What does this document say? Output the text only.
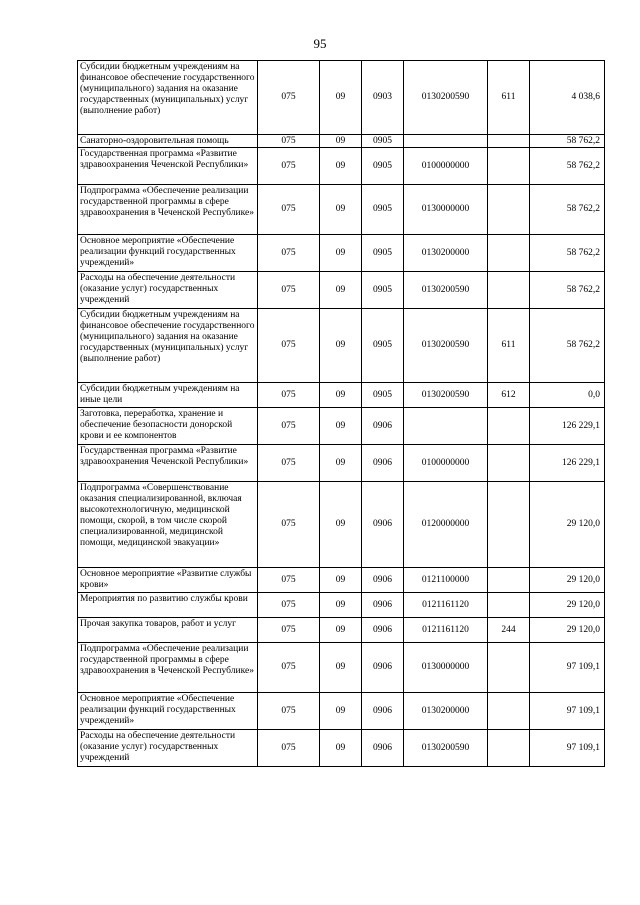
95
Субсидии бюджетным учреждениям на финансовое обеспечение государственного (муниципального) задания на оказание государственных (муниципальных) услуг (выполнение работ)	075	09	0903	0130200590	611	4 038,6
Санаторно-оздоровительная помощь	075	09	0905			58 762,2
Государственная программа «Развитие здравоохранения Чеченской Республики»	075	09	0905	0100000000		58 762,2
Подпрограмма «Обеспечение реализации государственной программы в сфере здравоохранения в Чеченской Республике»	075	09	0905	0130000000		58 762,2
Основное мероприятие «Обеспечение реализации функций государственных учреждений»	075	09	0905	0130200000		58 762,2
Расходы на обеспечение деятельности (оказание услуг) государственных учреждений	075	09	0905	0130200590		58 762,2
Субсидии бюджетным учреждениям на финансовое обеспечение государственного (муниципального) задания на оказание государственных (муниципальных) услуг (выполнение работ)	075	09	0905	0130200590	611	58 762,2
Субсидии бюджетным учреждениям на иные цели	075	09	0905	0130200590	612	0,0
Заготовка, переработка, хранение и обеспечение безопасности донорской крови и ее компонентов	075	09	0906			126 229,1
Государственная программа «Развитие здравоохранения Чеченской Республики»	075	09	0906	0100000000		126 229,1
Подпрограмма «Совершенствование оказания специализированной, включая высокотехнологичную, медицинской помощи, скорой, в том числе скорой специализированной, медицинской помощи, медицинской эвакуации»	075	09	0906	0120000000		29 120,0
Основное мероприятие «Развитие службы крови»	075	09	0906	0121100000		29 120,0
Мероприятия по развитию службы крови	075	09	0906	0121161120		29 120,0
Прочая закупка товаров, работ и услуг	075	09	0906	0121161120	244	29 120,0
Подпрограмма «Обеспечение реализации государственной программы в сфере здравоохранения в Чеченской Республике»	075	09	0906	0130000000		97 109,1
Основное мероприятие «Обеспечение реализации функций государственных учреждений»	075	09	0906	0130200000		97 109,1
Расходы на обеспечение деятельности (оказание услуг) государственных учреждений	075	09	0906	0130200590		97 109,1
